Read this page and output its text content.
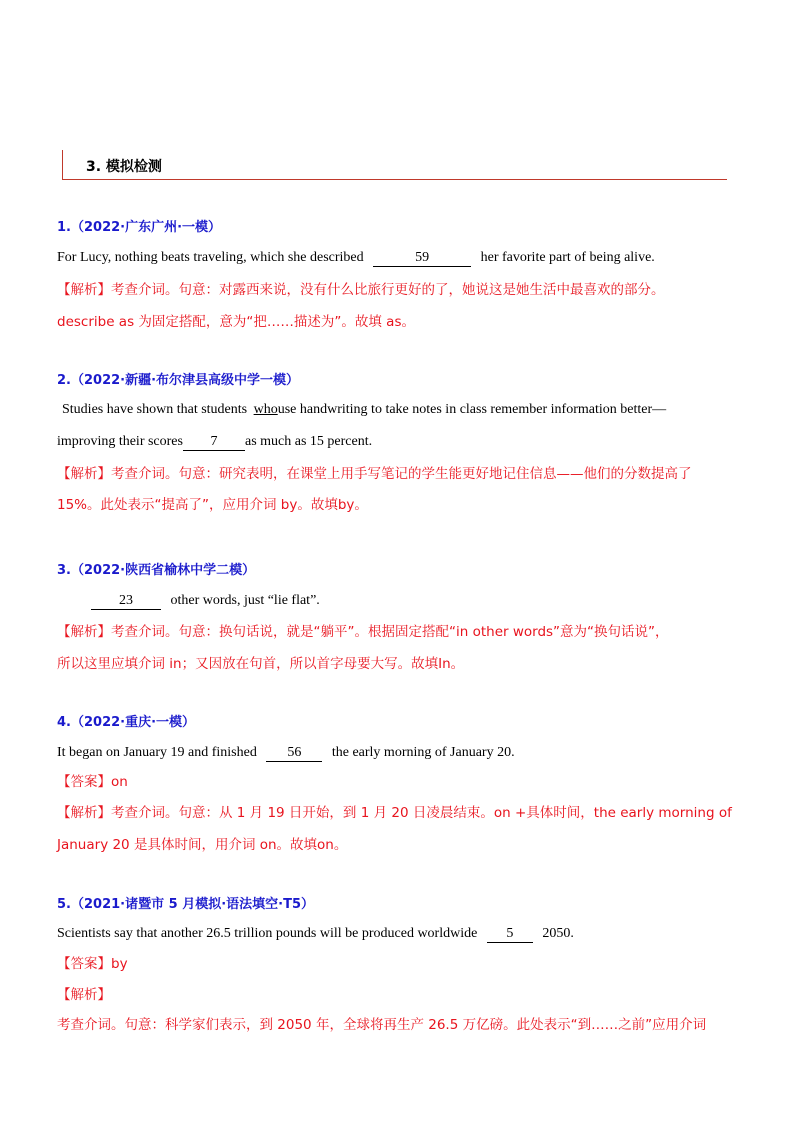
3. 模拟检测
1.（2022·广东广州·一模）
For Lucy, nothing beats traveling, which she described	59	her favorite part of being alive.
【解析】考查介词。句意：对露西来说，没有什么比旅行更好的了，她说这是她生活中最喜欢的部分。
describe as 为固定搭配，意为“把……描述为”。故填 as。
2.（2022·新疆·布尔津县高级中学一模）
Studies have shown that students whouse handwriting to take notes in class remember information better—
improving their scores 7 as much as 15 percent.
【解析】考查介词。句意：研究表明，在课堂上用手写笔记的学生能更好地记住信息——他们的分数提高了
15%。此处表示“提高了”，应用介词 by。故填by。
3.（2022·陕西省榆林中学二模）
23	other words, just “lie flat”.
【解析】考查介词。句意：换句话说，就是“躺平”。根据固定搭配“in other words”意为“换句话说”，
所以这里应填介词 in；又因放在句首，所以首字母要大写。故填In。
4.（2022·重庆·一模）
It began on January 19 and finished 56 the early morning of January 20.
【答案】on
【解析】考查介词。句意：从 1 月 19 日开始，到 1 月 20 日凌晨结束。on +具体时间，the early morning of
January 20 是具体时间，用介词 on。故填on。
5.（2021·诸暨市 5 月模拟·语法填空·T5）
Scientists say that another 26.5 trillion pounds will be produced worldwide 5 2050.
【答案】by
【解析】
考查介词。句意：科学家们表示，到 2050 年，全球将再生产 26.5 万亿磅。此处表示“到……之前”应用介词
